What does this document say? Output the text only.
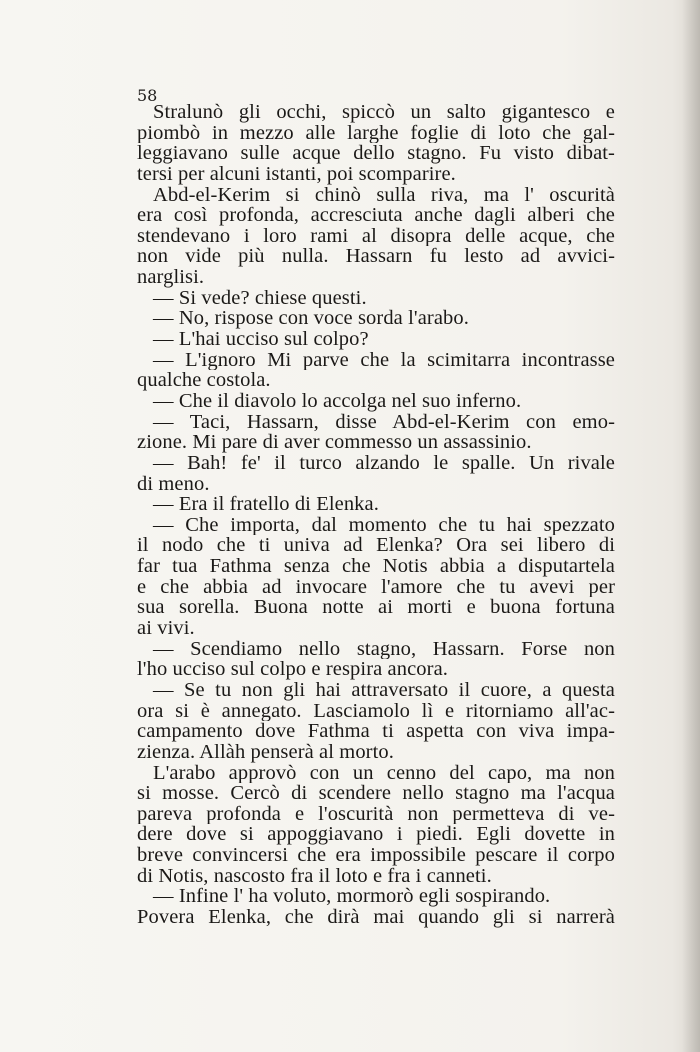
58
Stralunò gli occhi, spiccò un salto gigantesco e
piombò in mezzo alle larghe foglie di loto che gal-
leggiavano sulle acque dello stagno. Fu visto dibat-
tersi per alcuni istanti, poi scomparire.
Abd-el-Kerim si chinò sulla riva, ma l' oscurità
era così profonda, accresciuta anche dagli alberi che
stendevano i loro rami al disopra delle acque, che
non vide più nulla. Hassarn fu lesto ad avvici-
narglisi.
— Si vede? chiese questi.
— No, rispose con voce sorda l'arabo.
— L'hai ucciso sul colpo?
— L'ignoro Mi parve che la scimitarra incontrasse
qualche costola.
— Che il diavolo lo accolga nel suo inferno.
— Taci, Hassarn, disse Abd-el-Kerim con emo-
zione. Mi pare di aver commesso un assassinio.
— Bah! fe' il turco alzando le spalle. Un rivale
di meno.
— Era il fratello di Elenka.
— Che importa, dal momento che tu hai spezzato
il nodo che ti univa ad Elenka? Ora sei libero di
far tua Fathma senza che Notis abbia a disputartela
e che abbia ad invocare l'amore che tu avevi per
sua sorella. Buona notte ai morti e buona fortuna
ai vivi.
— Scendiamo nello stagno, Hassarn. Forse non
l'ho ucciso sul colpo e respira ancora.
— Se tu non gli hai attraversato il cuore, a questa
ora si è annegato. Lasciamolo lì e ritorniamo all'ac-
campamento dove Fathma ti aspetta con viva impa-
zienza. Allàh penserà al morto.
L'arabo approvò con un cenno del capo, ma non
si mosse. Cercò di scendere nello stagno ma l'acqua
pareva profonda e l'oscurità non permetteva di ve-
dere dove si appoggiavano i piedi. Egli dovette in
breve convincersi che era impossibile pescare il corpo
di Notis, nascosto fra il loto e fra i canneti.
— Infine l' ha voluto, mormorò egli sospirando.
Povera Elenka, che dirà mai quando gli si narrerà
